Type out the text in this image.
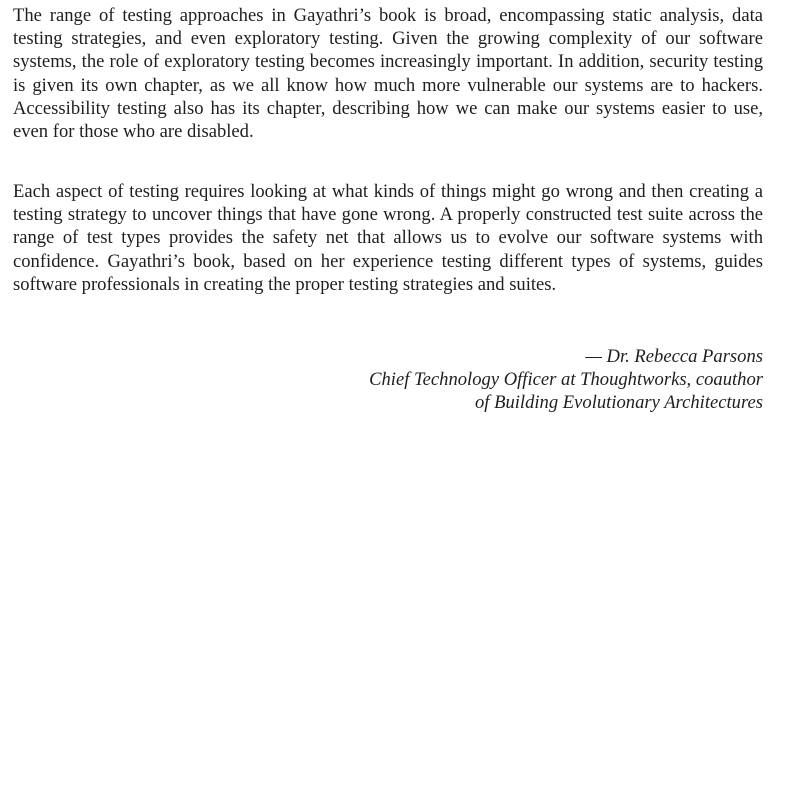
The range of testing approaches in Gayathri’s book is broad, encompassing static analysis, data testing strategies, and even exploratory testing. Given the growing complexity of our software systems, the role of exploratory testing becomes increasingly important. In addition, security testing is given its own chapter, as we all know how much more vulnerable our systems are to hackers. Accessibility testing also has its chapter, describing how we can make our systems easier to use, even for those who are disabled.

Each aspect of testing requires looking at what kinds of things might go wrong and then creating a testing strategy to uncover things that have gone wrong. A properly constructed test suite across the range of test types provides the safety net that allows us to evolve our software systems with confidence. Gayathri’s book, based on her experience testing different types of systems, guides software professionals in creating the proper testing strategies and suites.

— Dr. Rebecca Parsons
Chief Technology Officer at Thoughtworks, coauthor
of Building Evolutionary Architectures
